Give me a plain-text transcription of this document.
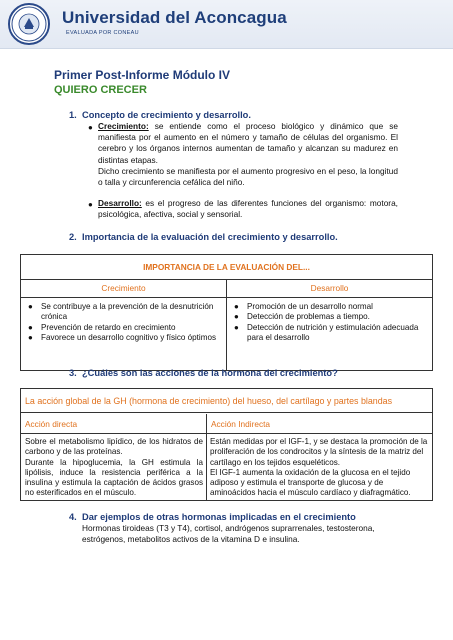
Universidad del Aconcagua
EVALUADA POR CONEAU
Primer Post-Informe Módulo IV
QUIERO CRECER
1. Concepto de crecimiento y desarrollo.
● Crecimiento: se entiende como el proceso biológico y dinámico que se manifiesta por el aumento en el número y tamaño de células del organismo. El cerebro y los órganos internos aumentan de tamaño y alcanzan su madurez en distintas etapas.
Dicho crecimiento se manifiesta por el aumento progresivo en el peso, la longitud o talla y circunferencia cefálica del niño.
● Desarrollo: es el progreso de las diferentes funciones del organismo: motora, psicológica, afectiva, social y sensorial.
2. Importancia de la evaluación del crecimiento y desarrollo.
IMPORTANCIA DE LA EVALUACIÓN DEL...
Crecimiento	Desarrollo
● Se contribuye a la prevención de la desnutrición crónica
● Prevención de retardo en crecimiento
● Favorece un desarrollo cognitivo y físico óptimos
● Promoción de un desarrollo normal
● Detección de problemas a tiempo.
● Detección de nutrición y estimulación adecuada para el desarrollo
3. ¿Cuáles son las acciones de la hormona del crecimiento?
La acción global de la GH (hormona de crecimiento) del hueso, del cartílago y partes blandas
Acción directa	Acción Indirecta

Sobre el metabolismo lipídico, de los hidratos de carbono y de las proteínas.

Durante la hipoglucemia, la GH estimula la lipólisis, induce la resistencia periférica a la insulina y estimula la captación de ácidos grasos no esterificados en el músculo.

Están medidas por el IGF-1, y se destaca la promoción de la proliferación de los condrocitos y la síntesis de la matriz del cartílago en los tejidos esqueléticos.

El IGF-1 aumenta la oxidación de la glucosa en el tejido adiposo y estimula el transporte de glucosa y de aminoácidos hacia el músculo cardíaco y diafragmático.

4. Dar ejemplos de otras hormonas implicadas en el crecimiento
Hormonas tiroideas (T3 y T4), cortisol, andrógenos suprarrenales, testosterona, estrógenos, metabolitos activos de la vitamina D e insulina.
